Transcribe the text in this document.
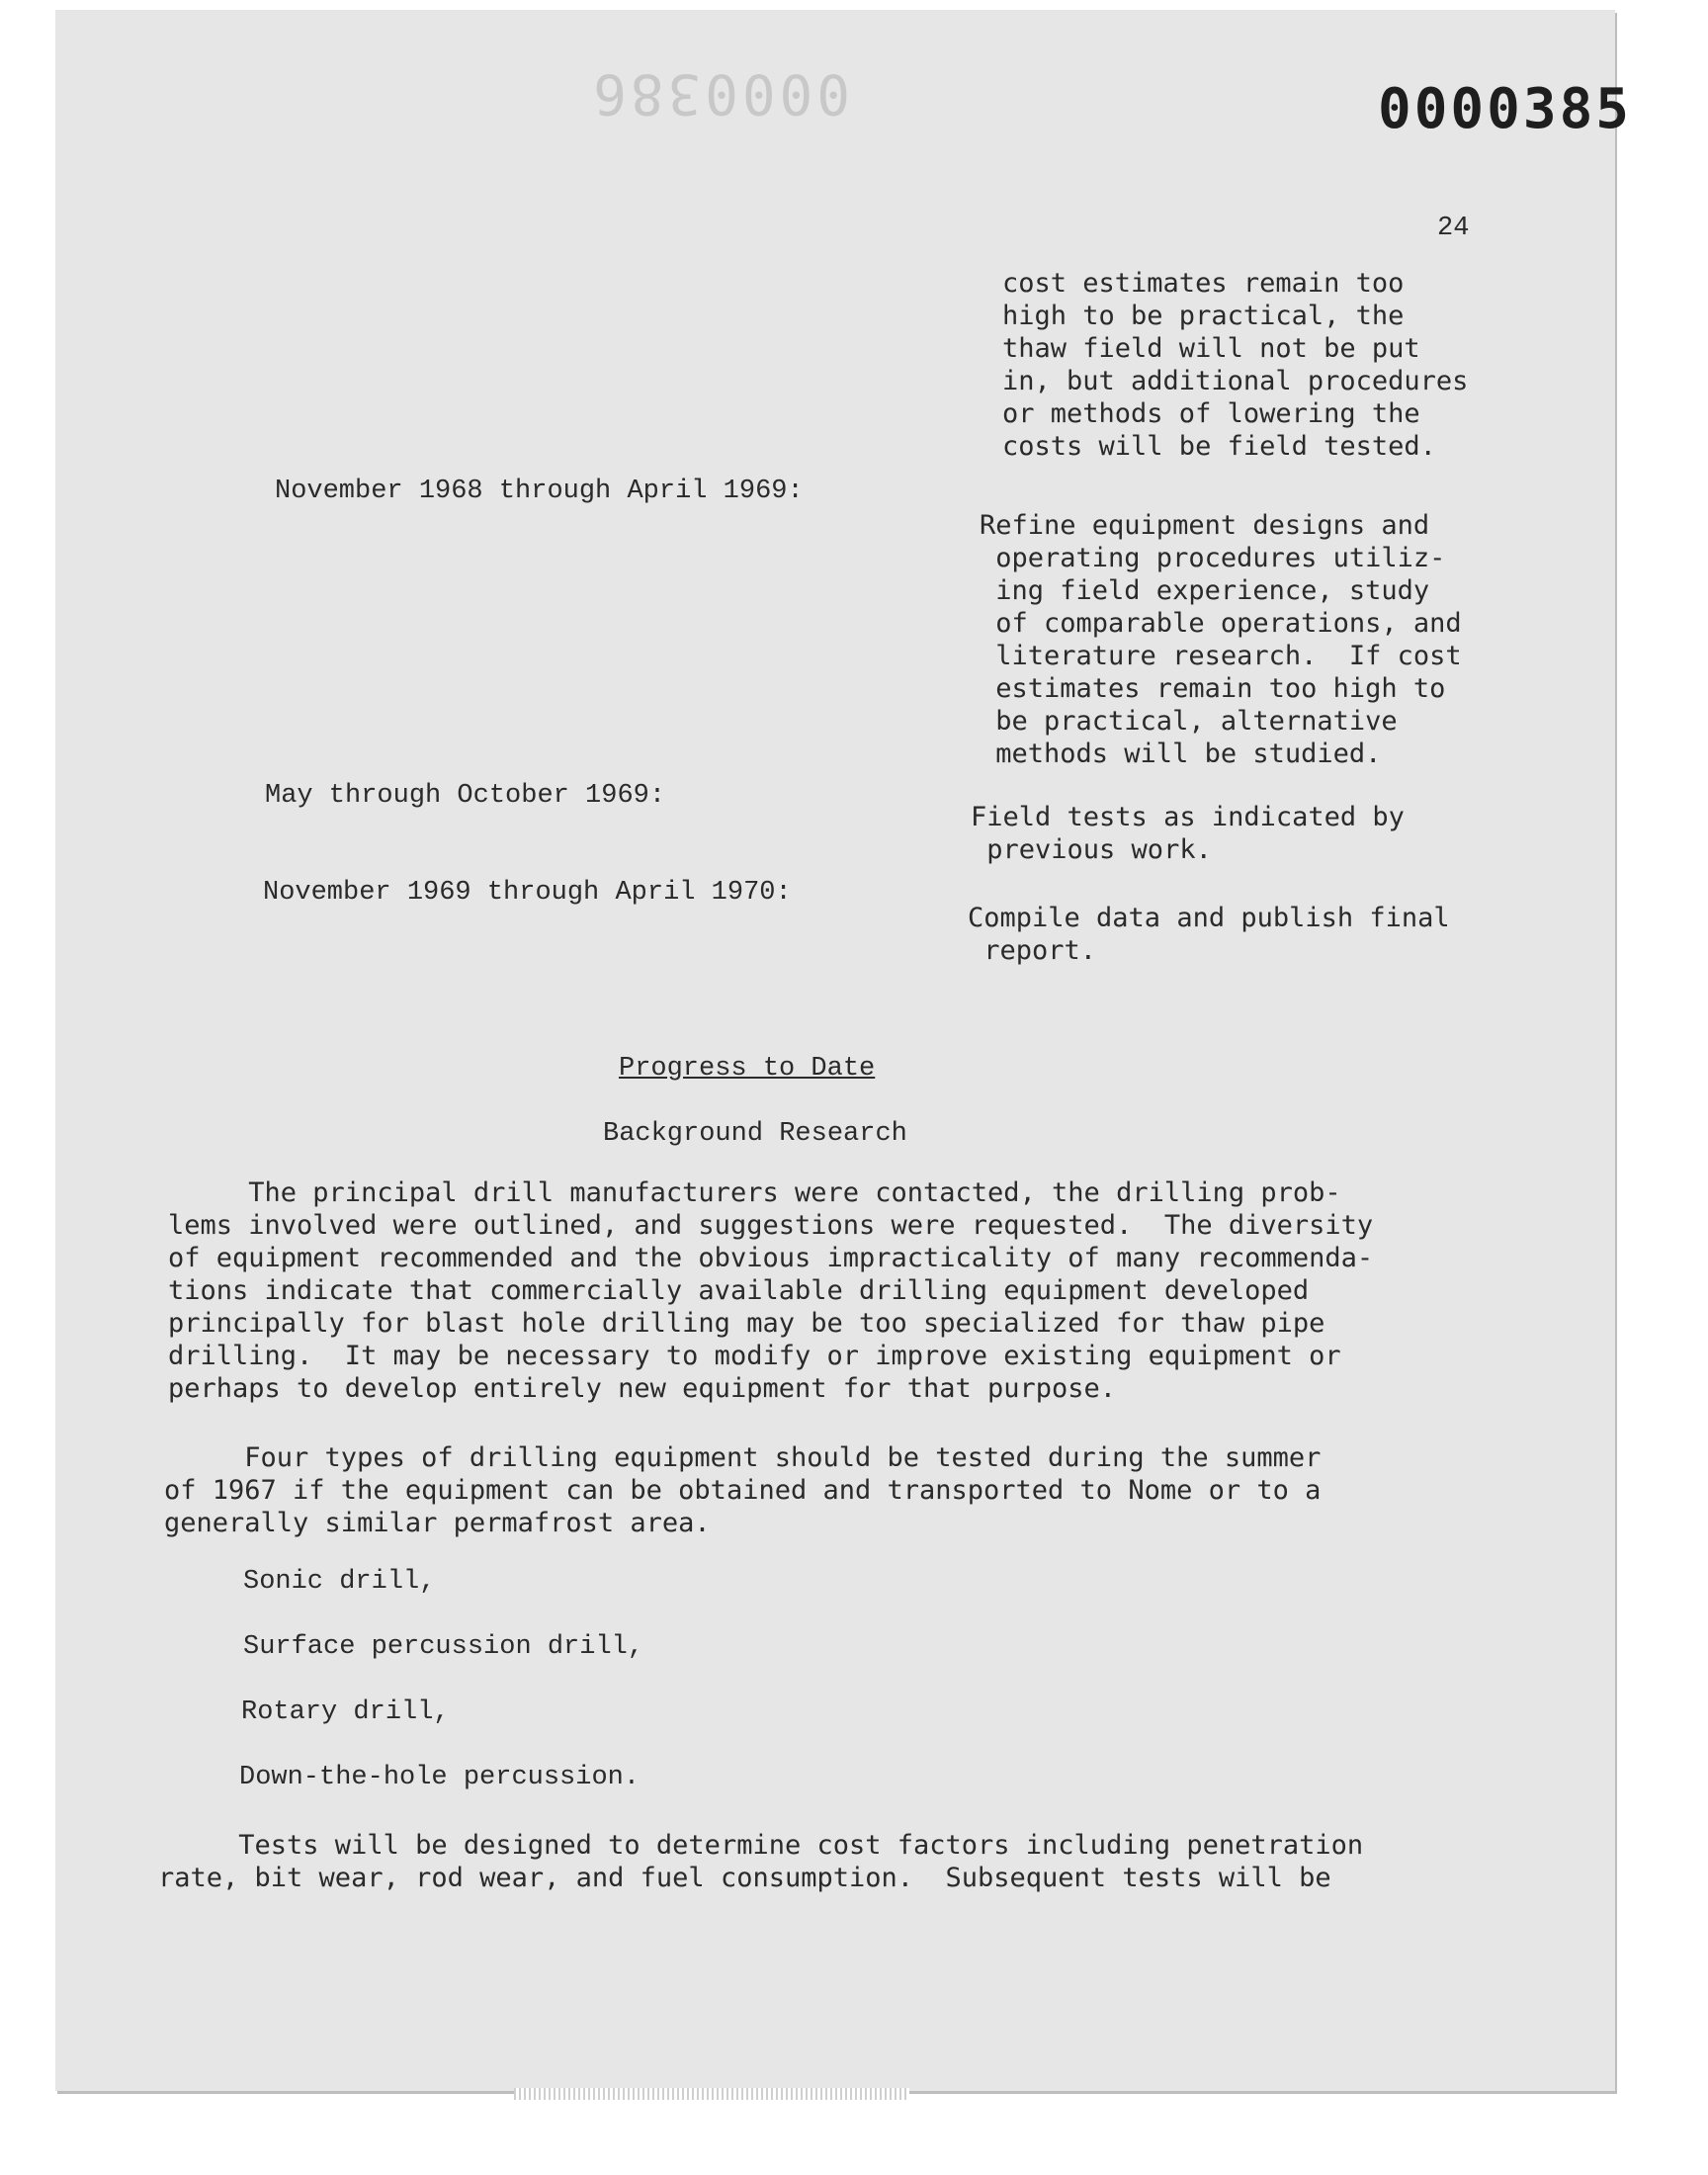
0000386	0000385
24
cost estimates remain too
high to be practical, the
thaw field will not be put
in, but additional procedures
or methods of lowering the
costs will be field tested.
November 1968 through April 1969:
Refine equipment designs and
operating procedures utiliz-
ing field experience, study
of comparable operations, and
literature research.  If cost
estimates remain too high to
be practical, alternative
methods will be studied.
May through October 1969:
Field tests as indicated by
previous work.
November 1969 through April 1970:
Compile data and publish final
report.
Progress to Date
Background Research
The principal drill manufacturers were contacted, the drilling prob-
lems involved were outlined, and suggestions were requested.  The diversity
of equipment recommended and the obvious impracticality of many recommenda-
tions indicate that commercially available drilling equipment developed
principally for blast hole drilling may be too specialized for thaw pipe
drilling.  It may be necessary to modify or improve existing equipment or
perhaps to develop entirely new equipment for that purpose.
Four types of drilling equipment should be tested during the summer
of 1967 if the equipment can be obtained and transported to Nome or to a
generally similar permafrost area.
Sonic drill,
Surface percussion drill,
Rotary drill,
Down-the-hole percussion.
Tests will be designed to determine cost factors including penetration
rate, bit wear, rod wear, and fuel consumption.  Subsequent tests will be
